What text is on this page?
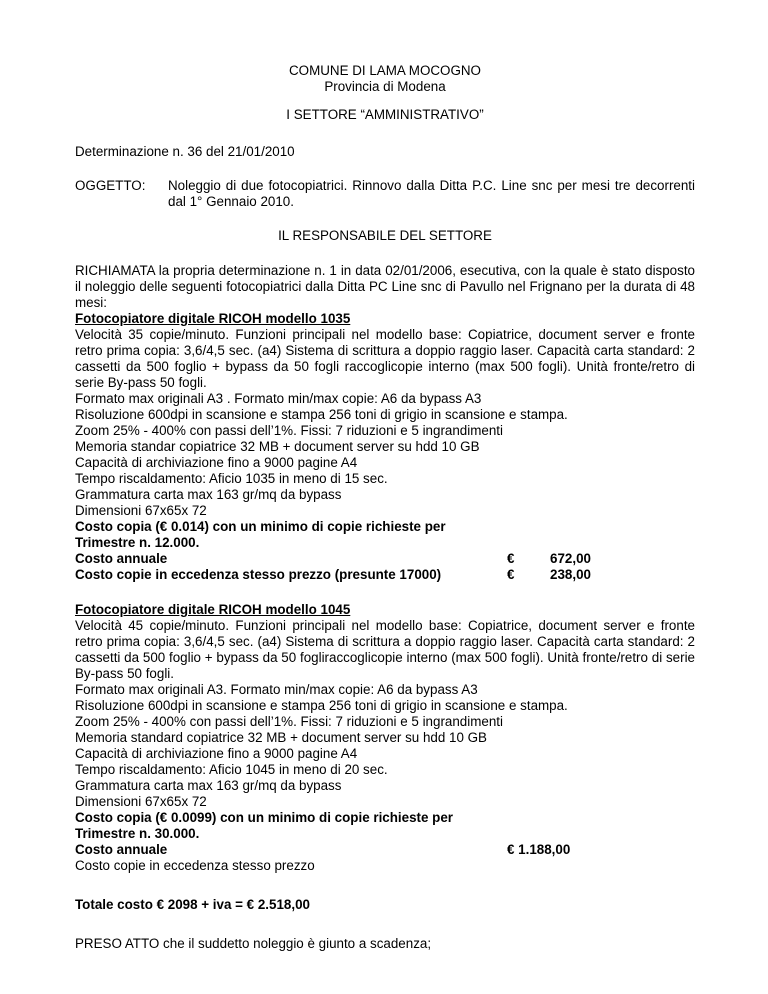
COMUNE DI LAMA MOCOGNO

Provincia di Modena

I SETTORE “AMMINISTRATIVO”

Determinazione n. 36 del 21/01/2010

OGGETTO:	Noleggio di due fotocopiatrici. Rinnovo dalla Ditta P.C. Line snc per mesi tre decorrenti dal 1° Gennaio 2010.

IL RESPONSABILE DEL SETTORE

RICHIAMATA la propria determinazione n. 1 in data 02/01/2006, esecutiva, con la quale è stato disposto il noleggio delle seguenti fotocopiatrici dalla Ditta PC Line snc di Pavullo nel Frignano per la durata di 48 mesi:

Fotocopiatore digitale RICOH modello 1035

Velocità 35 copie/minuto. Funzioni principali nel modello base: Copiatrice, document server e fronte retro prima copia: 3,6/4,5 sec. (a4) Sistema di scrittura a doppio raggio laser. Capacità carta standard: 2 cassetti da 500 foglio + bypass da 50 fogli raccoglicopie interno (max 500 fogli). Unità fronte/retro di serie By-pass 50 fogli.

Formato max originali A3 . Formato min/max copie: A6 da bypass A3

Risoluzione 600dpi in scansione e stampa 256 toni di grigio in scansione e stampa.

Zoom 25% - 400% con passi dell’1%. Fissi: 7 riduzioni e 5 ingrandimenti

Memoria standar copiatrice 32 MB + document server su hdd 10 GB

Capacità di archiviazione fino a 9000 pagine A4

Tempo riscaldamento: Aficio 1035 in meno di 15 sec.

Grammatura carta max 163 gr/mq da bypass

Dimensioni 67x65x 72

Costo copia (€ 0.014) con un minimo di copie richieste per

Trimestre n. 12.000.

Costo annuale	€	672,00
Costo copie in eccedenza stesso prezzo (presunte 17000)	€	238,00

Fotocopiatore digitale RICOH modello 1045

Velocità 45 copie/minuto. Funzioni principali nel modello base: Copiatrice, document server e fronte retro prima copia: 3,6/4,5 sec. (a4) Sistema di scrittura a doppio raggio laser. Capacità carta standard: 2 cassetti da 500 foglio + bypass da 50 fogliraccoglicopie interno (max 500 fogli). Unità fronte/retro di serie By-pass 50 fogli.

Formato max originali A3. Formato min/max copie: A6 da bypass A3

Risoluzione 600dpi in scansione e stampa 256 toni di grigio in scansione e stampa.

Zoom 25% - 400% con passi dell’1%. Fissi: 7 riduzioni e 5 ingrandimenti

Memoria standard copiatrice 32 MB + document server su hdd 10 GB

Capacità di archiviazione fino a 9000 pagine A4

Tempo riscaldamento: Aficio 1045 in meno di 20 sec.

Grammatura carta max 163 gr/mq da bypass

Dimensioni 67x65x 72

Costo copia (€ 0.0099) con un minimo di copie richieste per

Trimestre n. 30.000.

Costo annuale	€ 1.188,00

Costo copie in eccedenza stesso prezzo

Totale costo € 2098 + iva = € 2.518,00

PRESO ATTO che il suddetto noleggio è giunto a scadenza;
